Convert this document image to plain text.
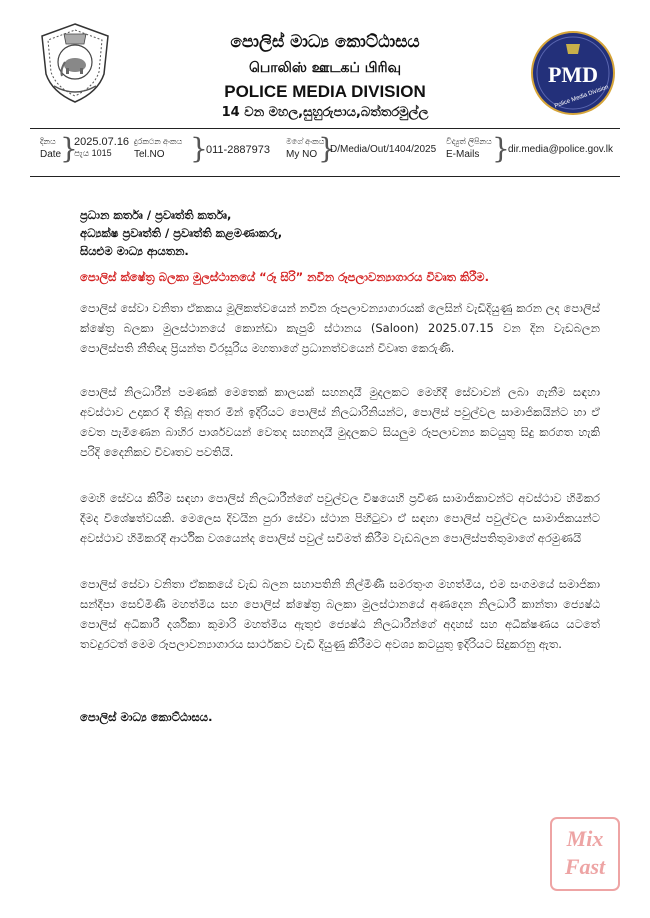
පොලිස් මාධ්‍ය කොට්ඨාසය
பொலிஸ் ஊடகப் பிரிவு
POLICE MEDIA DIVISION
14 වන මහල,සුහුරුපාය,බත්තරමුල්ල
PMD
Police Media Division
දිනය
Date
}
2025.07.16
පැය 1015
දුරකථන අංකය
Tel.NO }
011-2887973
මගේ අංකය
My NO }
D/Media/Out/1404/2025
විද්‍යුත් ලිපිනය
E-Mails }
dir.media@police.gov.lk
ප්‍රධාන කර්තෘ / ප්‍රවෘත්ති කර්තෘ,
අධ්‍යක්ෂ ප්‍රවෘත්ති / ප්‍රවෘත්ති කළමණාකරු,
සියළුම මාධ්‍ය ආයතන.
පොලිස් ක්ෂේත්‍ර බලකා මුලස්ථානයේ “රූ සිරි” නවීන රූපලාවන්‍යාගාරය විවෘත කිරීම.
පොලිස් සේවා වනිතා ඒකකය මූලිකත්වයෙන් නවීන රූපලාවන්‍යාගාරයක් ලෙසින් වැඩිදියුණු කරන ලද පොලිස් ක්ෂේත්‍ර බලකා මුලස්ථානයේ කොන්ඩා කැපුම් ස්ථානය (Saloon) 2025.07.15 වන දින වැඩබලන පොලිස්පති නීතිඥ ප්‍රියන්ත වීරසූරිය මහතාගේ ප්‍රධානත්වයෙන් විවෘත කෙරුණි.
පොලිස් නිලධාරීන් පමණක් මෙතෙක් කාලයක් සහනදායී මුදලකට මෙහිදී සේවාවන් ලබා ගැනීම සඳහා අවස්ථාව උදාකර දී තිබූ අතර මින් ඉදිරියට පොලිස් නිලධාරිනියන්ට, පොලිස් පවුල්වල සාමාජිකයින්ට හා ඒ වෙත පැමිණෙන බාහිර පාර්ශවයන් වෙතද සහනදායී මුදලකට සියලුම රූපලාවන්‍ය කටයුතු සිදු කරගත හැකි පරිදි දෛනිකව විවෘතව පවතියි.
මෙහි සේවය කිරීම සඳහා පොලිස් නිලධාරීන්ගේ පවුල්වල විෂයෙහි ප්‍රවීණ සාමාජිකාවන්ට අවස්ථාව හිමිකර දීමද විශේෂත්වයකි. මෙලෙස දිවයින පුරා සේවා ස්ථාන පිහිටුවා ඒ සඳහා පොලිස් පවුල්වල සාමාජිකයන්ට අවස්ථාව හිමිකරදී ආර්ථික වශයෙන්ද පොලිස් පවුල් සවිමත් කිරීම වැඩබලන පොලිස්පතිතුමාගේ අරමුණයි
පොලිස් සේවා වනිතා ඒකකයේ වැඩ බලන සහාපතිනි නිල්මිණී සමරතුංග මහත්මිය, එම සංගමයේ සමාජිකා සන්දීපා සෙව්මිණී මහත්මිය සහ පොලිස් ක්ෂේත්‍ර බලකා මුලස්ථානයේ අණදෙන නිලධාරී කාන්තා ජ්‍යෙෂ්ඨ පොලිස් අධිකාරී දර්ශිකා කුමාරි මහත්මිය ඇතුළු ජ්‍යෙෂ්ඨ නිලධාරීන්ගේ අදහස් සහ අධීක්ෂණය යටතේ තවදුරටත් මෙම රූපලාවන්‍යාගාරය සාර්ථකව වැඩි දියුණු කිරීමට අවශ්‍ය කටයුතු ඉදිරියට සිදුකරනු ඇත.
පොලිස් මාධ්‍ය කොට්ඨාසය.
Mix
Fast
